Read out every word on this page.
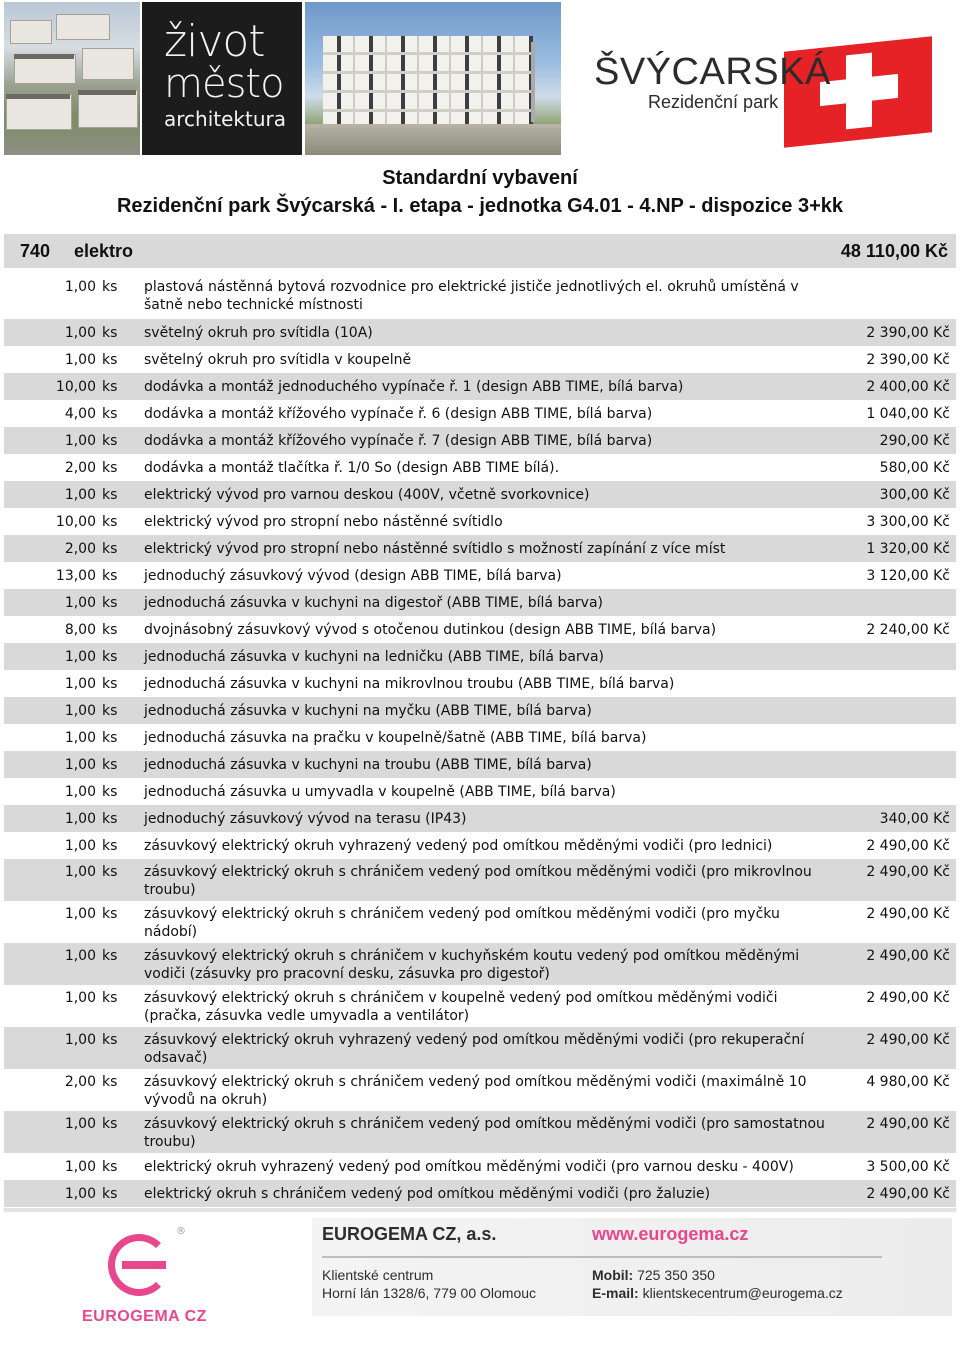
život
město
architektura
ŠVÝCARSKÁ
Rezidenční park
Standardní vybavení
Rezidenční park Švýcarská - I. etapa - jednotka G4.01 - 4.NP - dispozice 3+kk
740 elektro	48 110,00 Kč
1,00 ks plastová nástěnná bytová rozvodnice pro elektrické jističe jednotlivých el. okruhů umístěná v šatně nebo technické místnosti
1,00 ks světelný okruh pro svítidla (10A)	2 390,00 Kč
1,00 ks světelný okruh pro svítidla v koupelně	2 390,00 Kč
10,00 ks dodávka a montáž jednoduchého vypínače ř. 1 (design ABB TIME, bílá barva)	2 400,00 Kč
4,00 ks dodávka a montáž křížového vypínače ř. 6 (design ABB TIME, bílá barva)	1 040,00 Kč
1,00 ks dodávka a montáž křížového vypínače ř. 7 (design ABB TIME, bílá barva)	290,00 Kč
2,00 ks dodávka a montáž tlačítka ř. 1/0 So (design ABB TIME bílá).	580,00 Kč
1,00 ks elektrický vývod pro varnou deskou (400V, včetně svorkovnice)	300,00 Kč
10,00 ks elektrický vývod pro stropní nebo nástěnné svítidlo	3 300,00 Kč
2,00 ks elektrický vývod pro stropní nebo nástěnné svítidlo s možností zapínání z více míst	1 320,00 Kč
13,00 ks jednoduchý zásuvkový vývod (design ABB TIME, bílá barva)	3 120,00 Kč
1,00 ks jednoduchá zásuvka v kuchyni na digestoř (ABB TIME, bílá barva)
8,00 ks dvojnásobný zásuvkový vývod s otočenou dutinkou (design ABB TIME, bílá barva)	2 240,00 Kč
1,00 ks jednoduchá zásuvka v kuchyni na ledničku (ABB TIME, bílá barva)
1,00 ks jednoduchá zásuvka v kuchyni na mikrovlnou troubu (ABB TIME, bílá barva)
1,00 ks jednoduchá zásuvka v kuchyni na myčku (ABB TIME, bílá barva)
1,00 ks jednoduchá zásuvka na pračku v koupelně/šatně (ABB TIME, bílá barva)
1,00 ks jednoduchá zásuvka v kuchyni na troubu (ABB TIME, bílá barva)
1,00 ks jednoduchá zásuvka u umyvadla v koupelně (ABB TIME, bílá barva)
1,00 ks jednoduchý zásuvkový vývod na terasu (IP43)	340,00 Kč
1,00 ks zásuvkový elektrický okruh vyhrazený vedený pod omítkou měděnými vodiči (pro lednici)	2 490,00 Kč
1,00 ks zásuvkový elektrický okruh s chráničem vedený pod omítkou měděnými vodiči (pro mikrovlnou troubu)
2 490,00 Kč
1,00 ks zásuvkový elektrický okruh s chráničem vedený pod omítkou měděnými vodiči (pro myčku nádobí)
2 490,00 Kč
1,00 ks zásuvkový elektrický okruh s chráničem v kuchyňském koutu vedený pod omítkou měděnými vodiči (zásuvky pro pracovní desku, zásuvka pro digestoř)
2 490,00 Kč
1,00 ks zásuvkový elektrický okruh s chráničem v koupelně vedený pod omítkou měděnými vodiči (pračka, zásuvka vedle umyvadla a ventilátor)
2 490,00 Kč
1,00 ks zásuvkový elektrický okruh vyhrazený vedený pod omítkou měděnými vodiči (pro rekuperační odsavač)
2 490,00 Kč
2,00 ks zásuvkový elektrický okruh s chráničem vedený pod omítkou měděnými vodiči (maximálně 10 vývodů na okruh)
4 980,00 Kč
1,00 ks zásuvkový elektrický okruh s chráničem vedený pod omítkou měděnými vodiči (pro samostatnou troubu)
2 490,00 Kč
1,00 ks elektrický okruh vyhrazený vedený pod omítkou měděnými vodiči (pro varnou desku - 400V)	3 500,00 Kč
1,00 ks elektrický okruh s chráničem vedený pod omítkou měděnými vodiči (pro žaluzie)	2 490,00 Kč
®
EUROGEMA CZ
EUROGEMA CZ, a.s.	www.eurogema.cz
Klientské centrum
Horní lán 1328/6, 779 00 Olomouc
Mobil: 725 350 350
E-mail: klientskecentrum@eurogema.cz
